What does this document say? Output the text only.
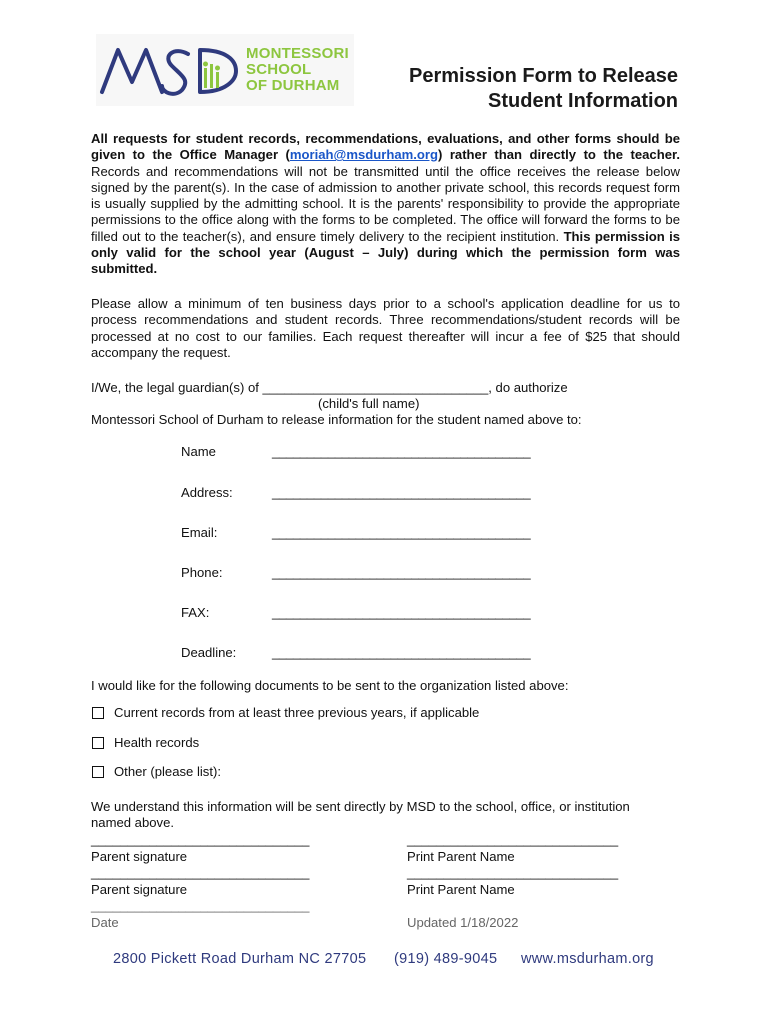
MONTESSORI
SCHOOL
OF DURHAM	Permission Form to Release
Student Information
All requests for student records, recommendations, evaluations, and other forms should be given to the Office Manager (moriah@msdurham.org) rather than directly to the teacher. Records and recommendations will not be transmitted until the office receives the release below signed by the parent(s). In the case of admission to another private school, this records request form is usually supplied by the admitting school. It is the parents' responsibility to provide the appropriate permissions to the office along with the forms to be completed. The office will forward the forms to be filled out to the teacher(s), and ensure timely delivery to the recipient institution. This permission is only valid for the school year (August – July) during which the permission form was submitted.
Please allow a minimum of ten business days prior to a school's application deadline for us to process recommendations and student records. Three recommendations/student records will be processed at no cost to our families. Each request thereafter will incur a fee of $25 that should accompany the request.
I/We, the legal guardian(s) of _______________________________, do authorize
(child's full name)
Montessori School of Durham to release information for the student named above to:
Name	_____________________________________
Address:	_____________________________________
Email:	_____________________________________
Phone:	_____________________________________
FAX:	_____________________________________
Deadline:	_____________________________________
I would like for the following documents to be sent to the organization listed above:
Current records from at least three previous years, if applicable
Health records
Other (please list):
We understand this information will be sent directly by MSD to the school, office, or institution
named above.
______________________________
Parent signature
_____________________________
Print Parent Name
______________________________
Parent signature
_____________________________
Print Parent Name
______________________________
Date	Updated 1/18/2022
2800 Pickett Road Durham NC 27705 (919) 489-9045 www.msdurham.org
